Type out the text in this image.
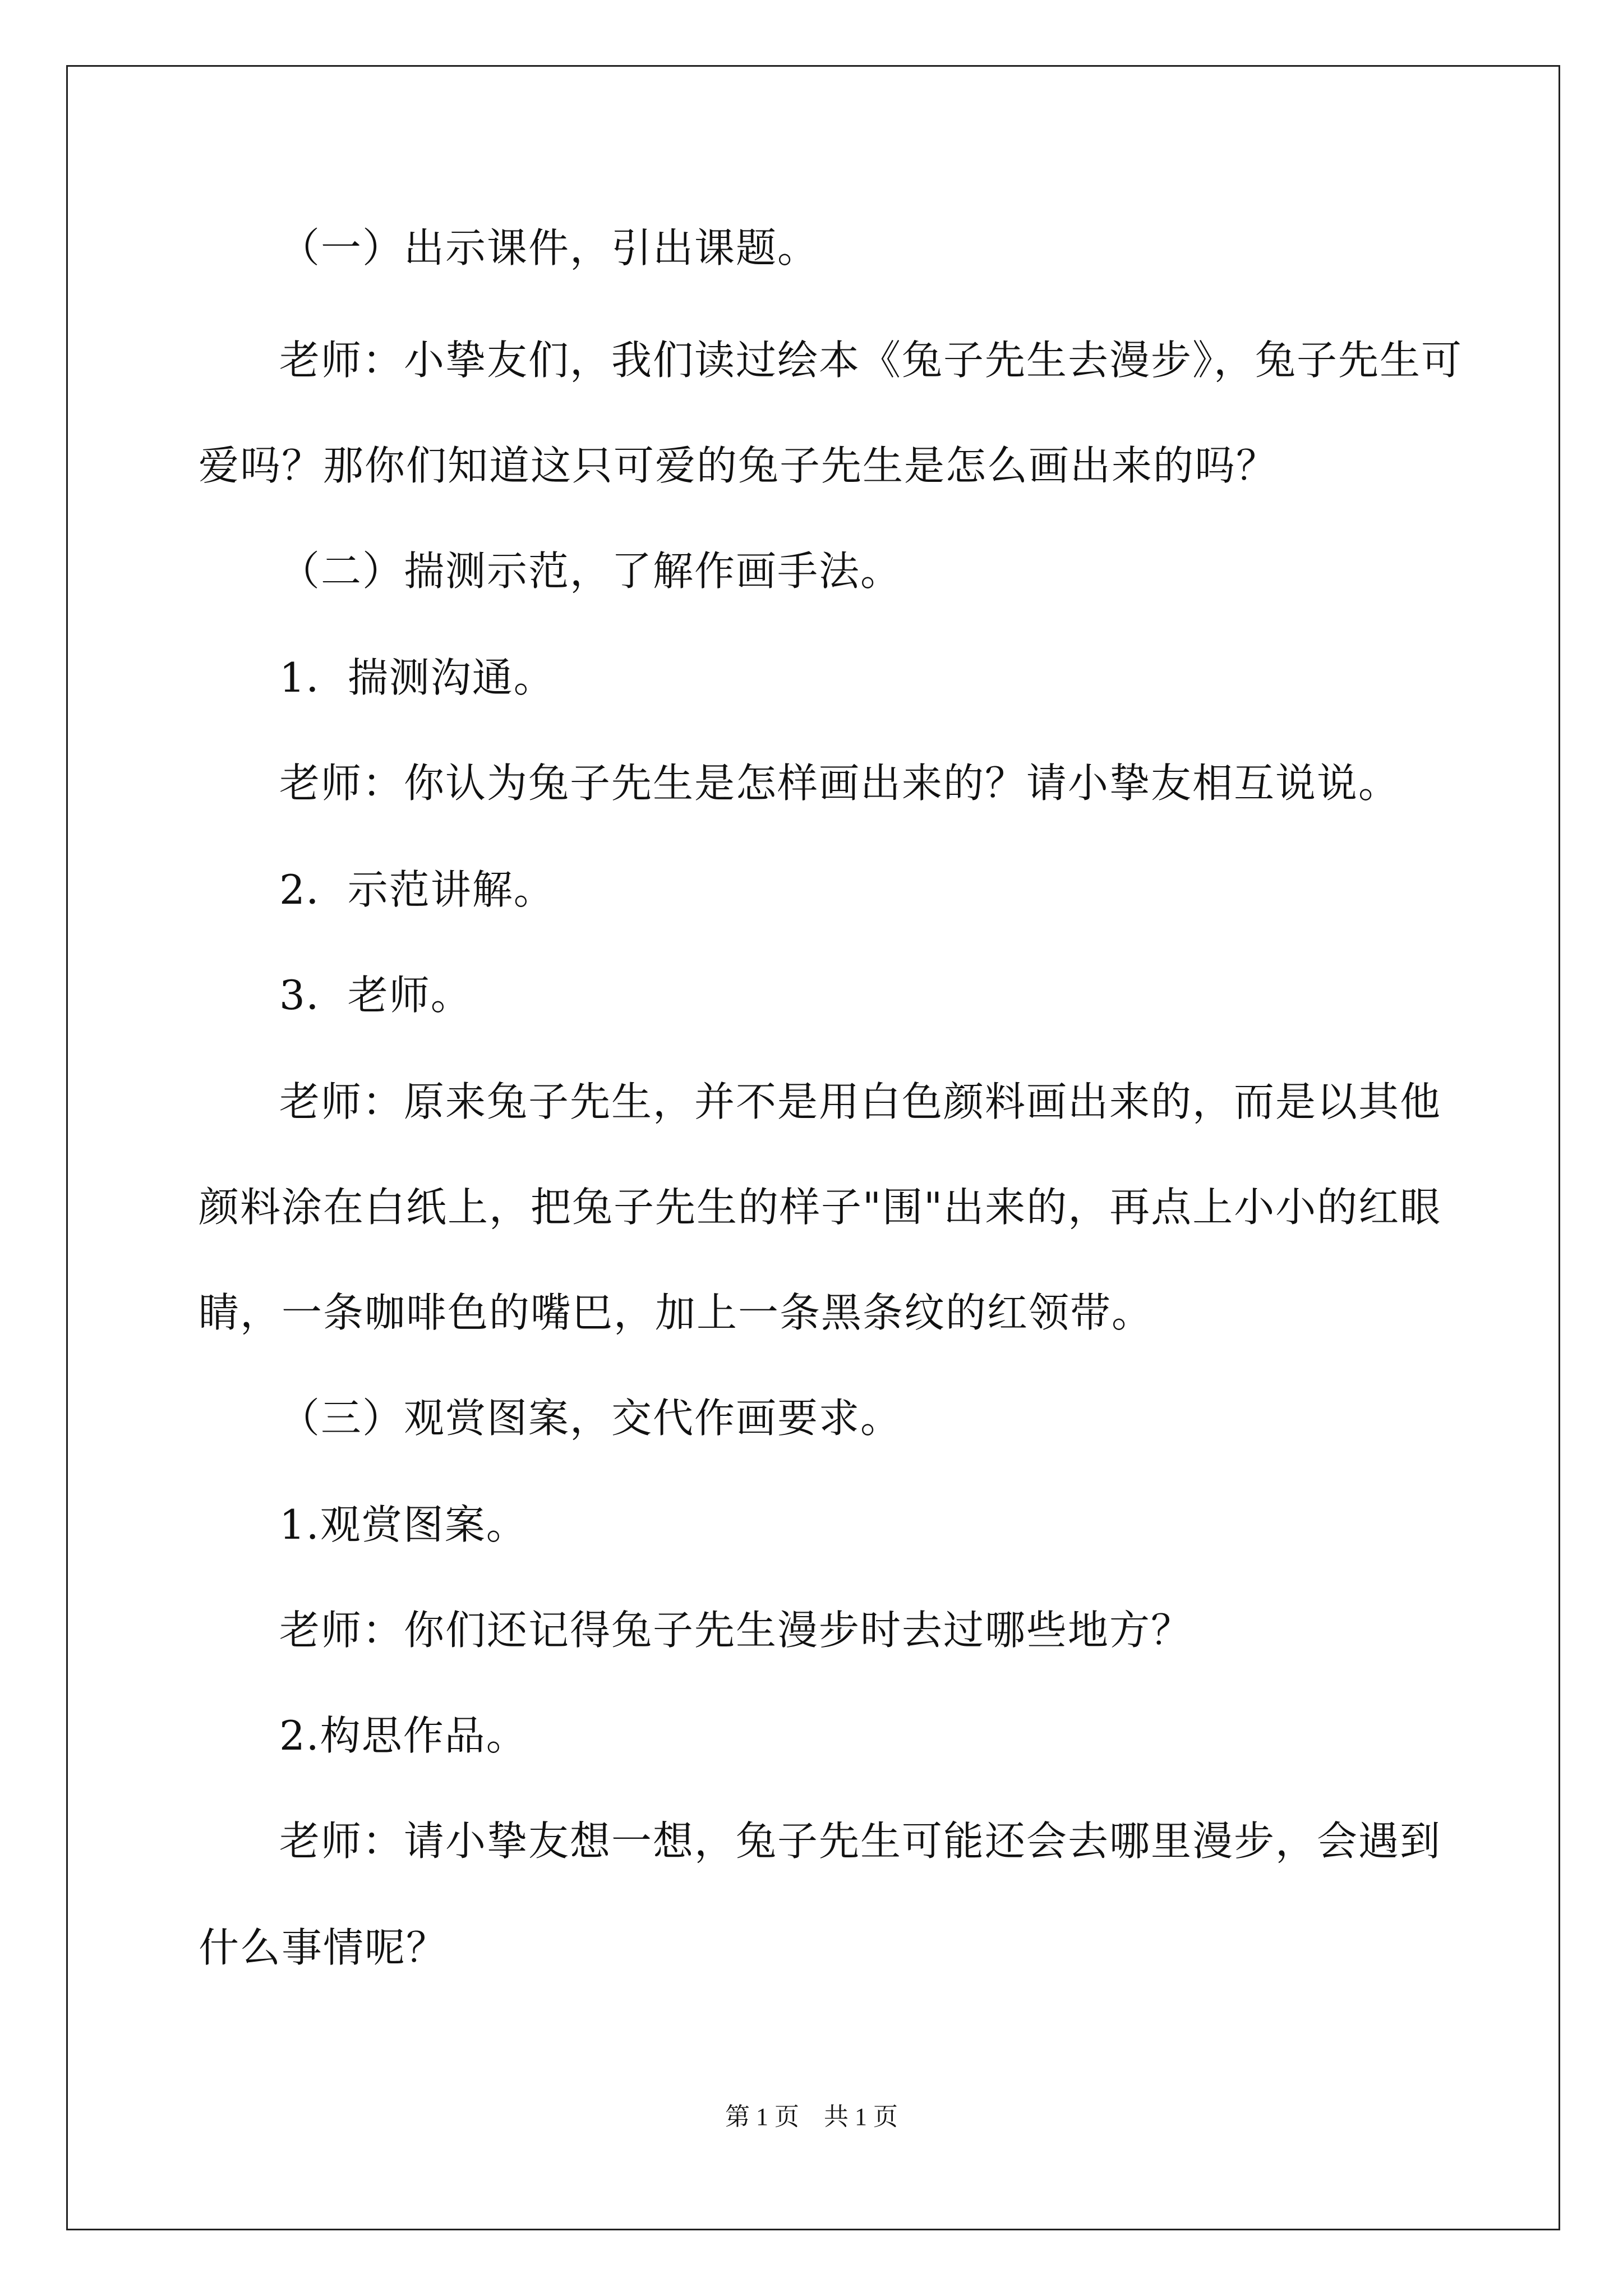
（一）出示课件，引出课题。

老师：小挚友们，我们读过绘本《兔子先生去漫步》，兔子先生可

爱吗？那你们知道这只可爱的兔子先生是怎么画出来的吗？

（二）揣测示范，了解作画手法。

1．揣测沟通。

老师：你认为兔子先生是怎样画出来的？请小挚友相互说说。

2．示范讲解。

3．老师。

老师：原来兔子先生，并不是用白色颜料画出来的，而是以其他

颜料涂在白纸上，把兔子先生的样子"围"出来的，再点上小小的红眼

睛，一条咖啡色的嘴巴，加上一条黑条纹的红领带。

（三）观赏图案，交代作画要求。

1.观赏图案。

老师：你们还记得兔子先生漫步时去过哪些地方？

2.构思作品。

老师：请小挚友想一想，兔子先生可能还会去哪里漫步，会遇到

什么事情呢？

第 1 页　共 1 页
